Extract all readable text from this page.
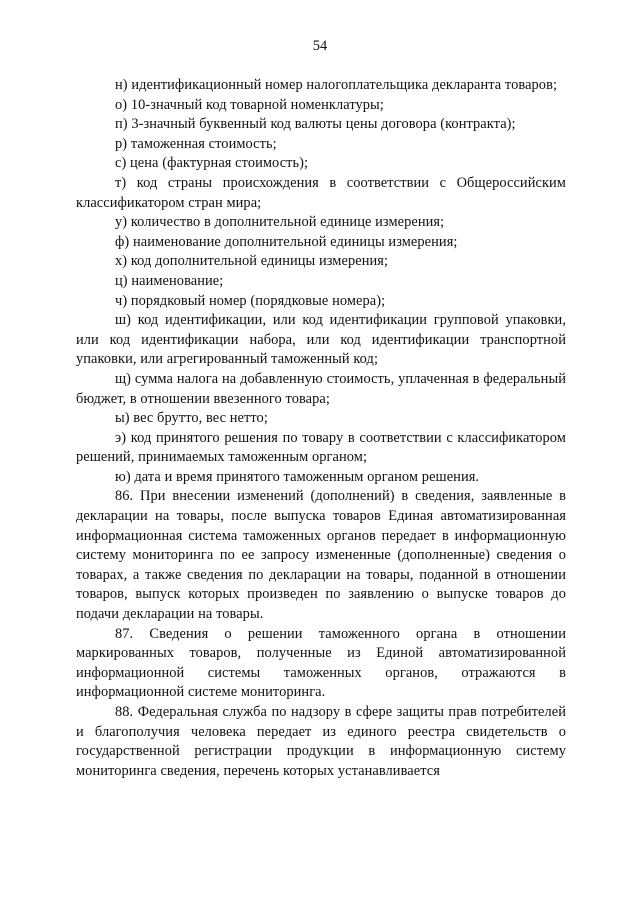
54

н) идентификационный номер налогоплательщика декларанта товаров;

о) 10-значный код товарной номенклатуры;

п) 3-значный буквенный код валюты цены договора (контракта);

р) таможенная стоимость;

с) цена (фактурная стоимость);

т) код страны происхождения в соответствии с Общероссийским классификатором стран мира;

у) количество в дополнительной единице измерения;

ф) наименование дополнительной единицы измерения;

х) код дополнительной единицы измерения;

ц) наименование;

ч) порядковый номер (порядковые номера);

ш) код идентификации, или код идентификации групповой упаковки, или код идентификации набора, или код идентификации транспортной упаковки, или агрегированный таможенный код;

щ) сумма налога на добавленную стоимость, уплаченная в федеральный бюджет, в отношении ввезенного товара;

ы) вес брутто, вес нетто;

э) код принятого решения по товару в соответствии с классификатором решений, принимаемых таможенным органом;

ю) дата и время принятого таможенным органом решения.

86. При внесении изменений (дополнений) в сведения, заявленные в декларации на товары, после выпуска товаров Единая автоматизированная информационная система таможенных органов передает в информационную систему мониторинга по ее запросу измененные (дополненные) сведения о товарах, а также сведения по декларации на товары, поданной в отношении товаров, выпуск которых произведен по заявлению о выпуске товаров до подачи декларации на товары.

87. Сведения о решении таможенного органа в отношении маркированных товаров, полученные из Единой автоматизированной информационной системы таможенных органов, отражаются в информационной системе мониторинга.

88. Федеральная служба по надзору в сфере защиты прав потребителей и благополучия человека передает из единого реестра свидетельств о государственной регистрации продукции в информационную систему мониторинга сведения, перечень которых устанавливается
